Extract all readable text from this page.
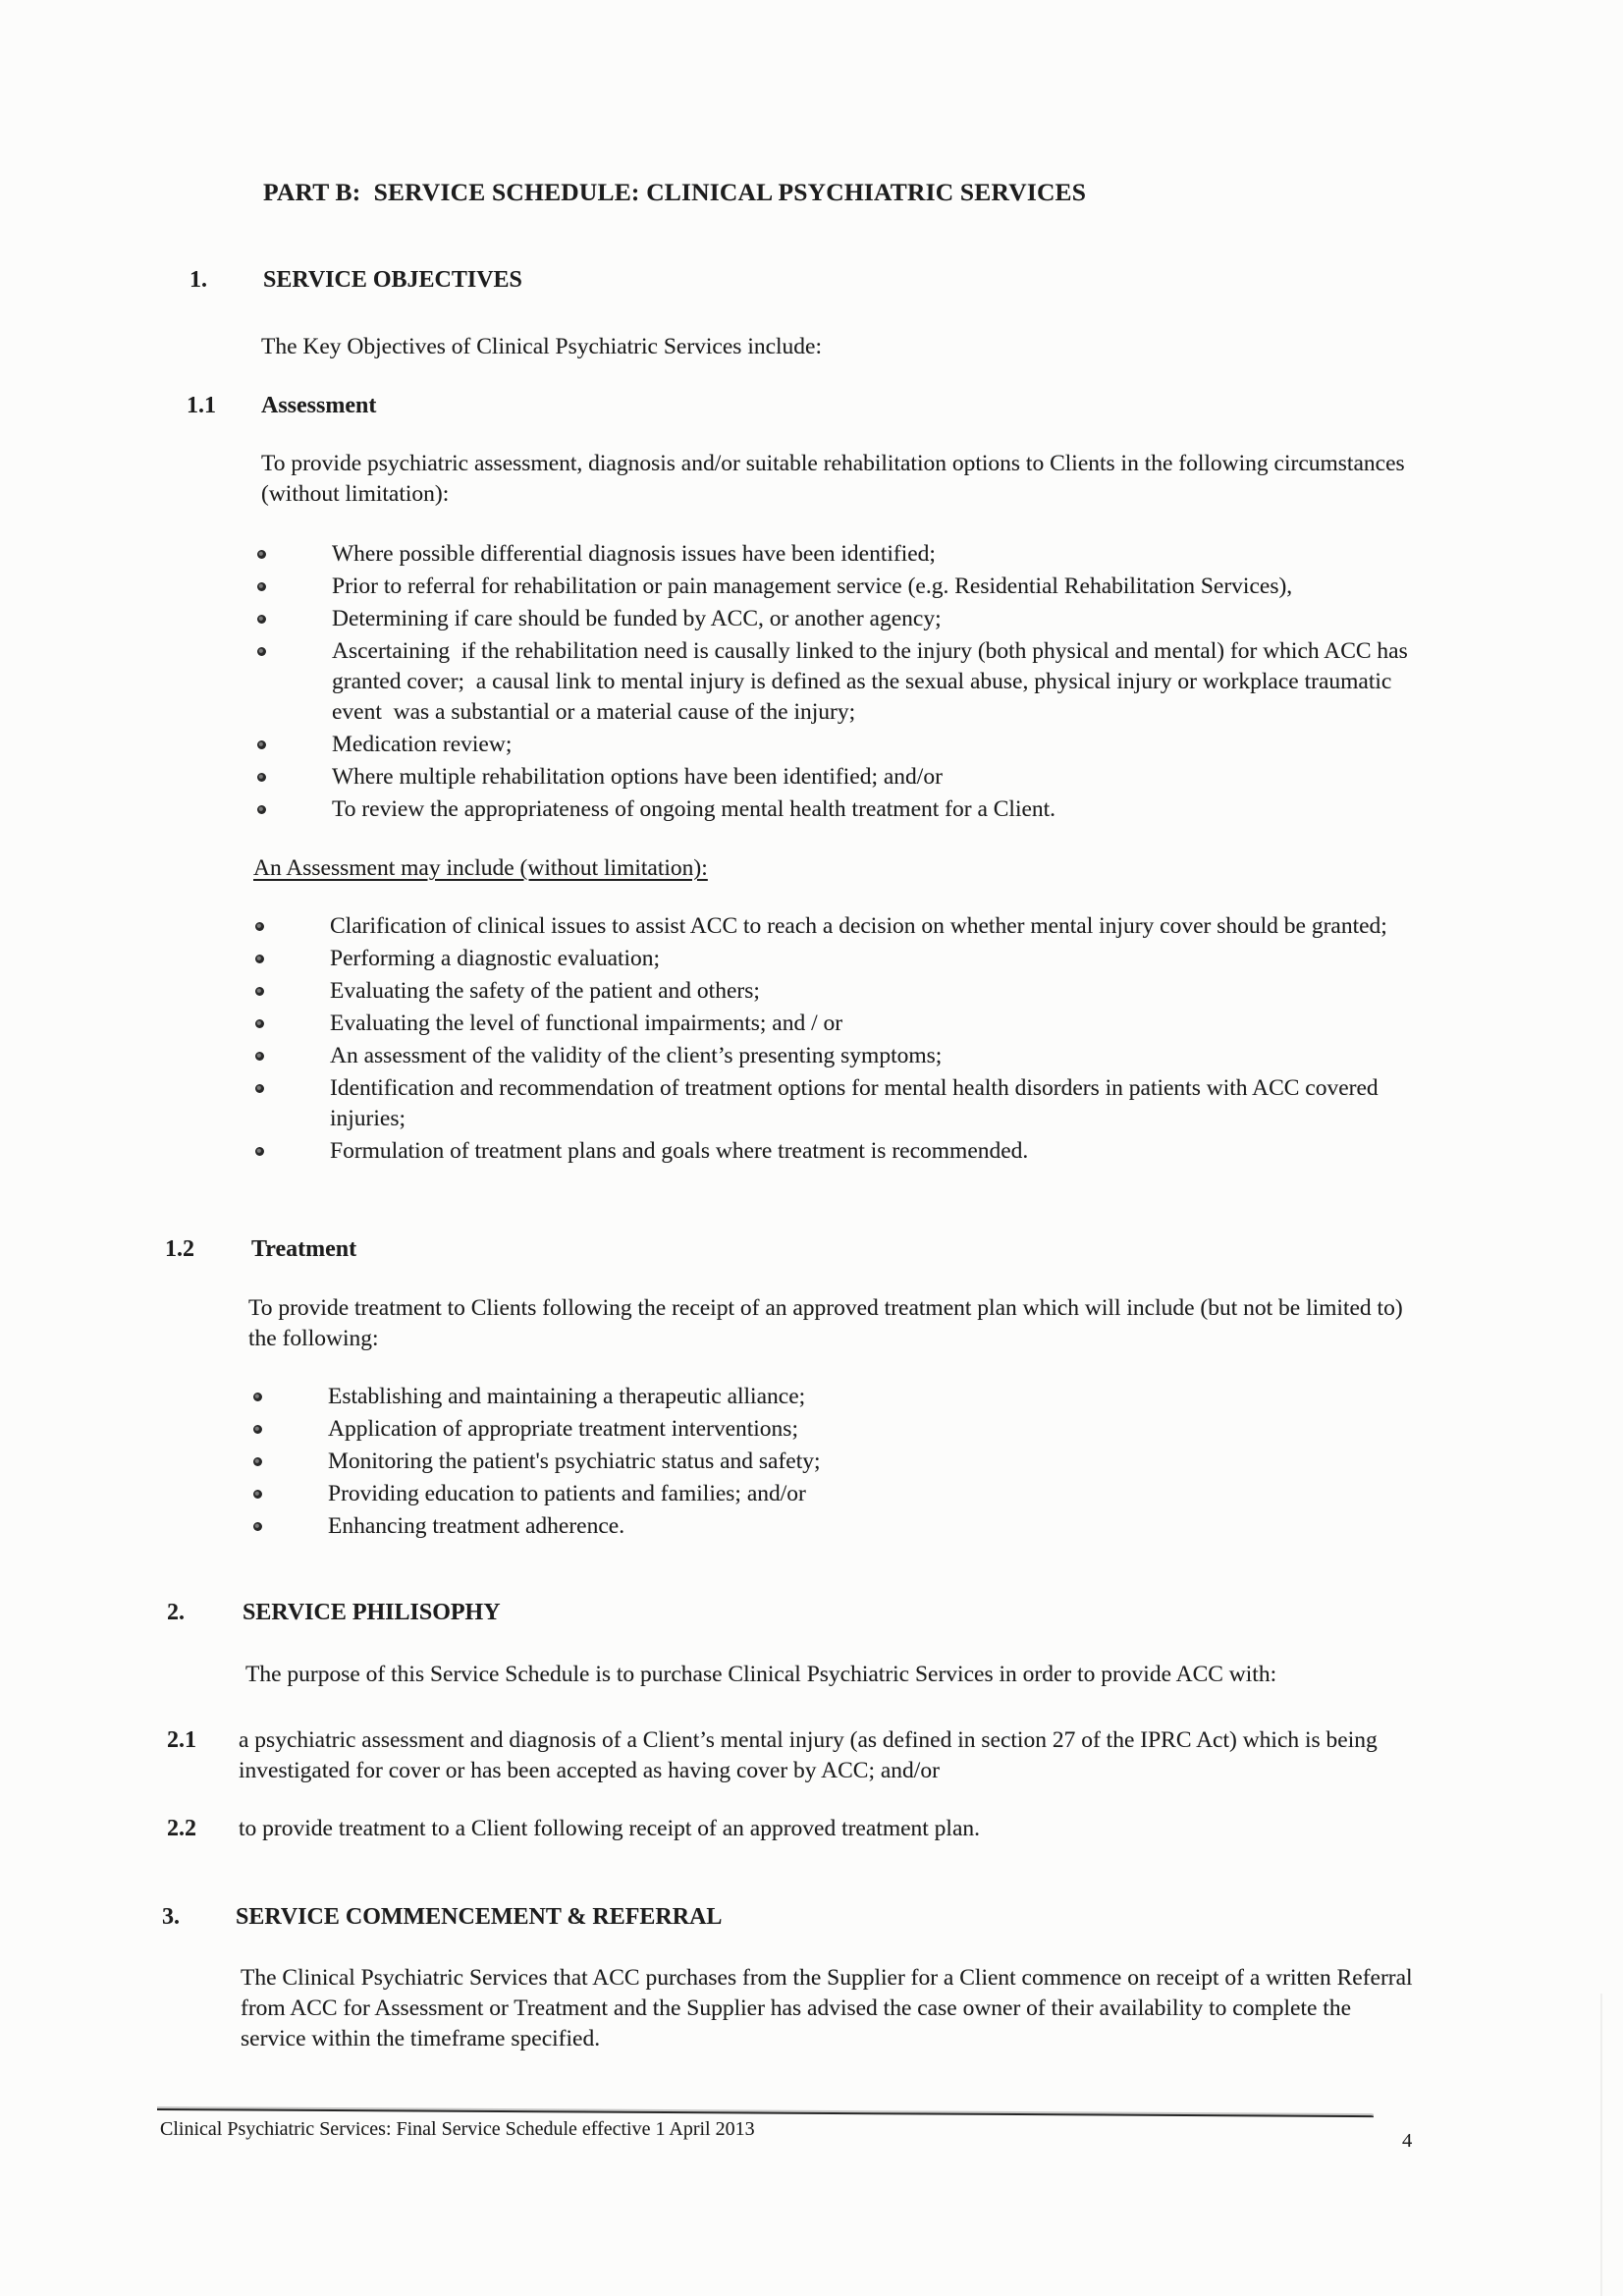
PART B:  SERVICE SCHEDULE: CLINICAL PSYCHIATRIC SERVICES
1. SERVICE OBJECTIVES
The Key Objectives of Clinical Psychiatric Services include:
1.1 Assessment
To provide psychiatric assessment, diagnosis and/or suitable rehabilitation options to Clients in the following circumstances (without limitation):
Where possible differential diagnosis issues have been identified;
Prior to referral for rehabilitation or pain management service (e.g. Residential Rehabilitation Services),
Determining if care should be funded by ACC, or another agency;
Ascertaining  if the rehabilitation need is causally linked to the injury (both physical and mental) for which ACC has granted cover;  a causal link to mental injury is defined as the sexual abuse, physical injury or workplace traumatic event  was a substantial or a material cause of the injury;
Medication review;
Where multiple rehabilitation options have been identified; and/or
To review the appropriateness of ongoing mental health treatment for a Client.
An Assessment may include (without limitation):
Clarification of clinical issues to assist ACC to reach a decision on whether mental injury cover should be granted;
Performing a diagnostic evaluation;
Evaluating the safety of the patient and others;
Evaluating the level of functional impairments; and / or
An assessment of the validity of the client’s presenting symptoms;
Identification and recommendation of treatment options for mental health disorders in patients with ACC covered injuries;
Formulation of treatment plans and goals where treatment is recommended.
1.2 Treatment
To provide treatment to Clients following the receipt of an approved treatment plan which will include (but not be limited to) the following:
Establishing and maintaining a therapeutic alliance;
Application of appropriate treatment interventions;
Monitoring the patient's psychiatric status and safety;
Providing education to patients and families; and/or
Enhancing treatment adherence.
2. SERVICE PHILISOPHY
The purpose of this Service Schedule is to purchase Clinical Psychiatric Services in order to provide ACC with:
2.1 a psychiatric assessment and diagnosis of a Client’s mental injury (as defined in section 27 of the IPRC Act) which is being investigated for cover or has been accepted as having cover by ACC; and/or
2.2 to provide treatment to a Client following receipt of an approved treatment plan.
3. SERVICE COMMENCEMENT & REFERRAL
The Clinical Psychiatric Services that ACC purchases from the Supplier for a Client commence on receipt of a written Referral from ACC for Assessment or Treatment and the Supplier has advised the case owner of their availability to complete the service within the timeframe specified.
Clinical Psychiatric Services: Final Service Schedule effective 1 April 2013
4
